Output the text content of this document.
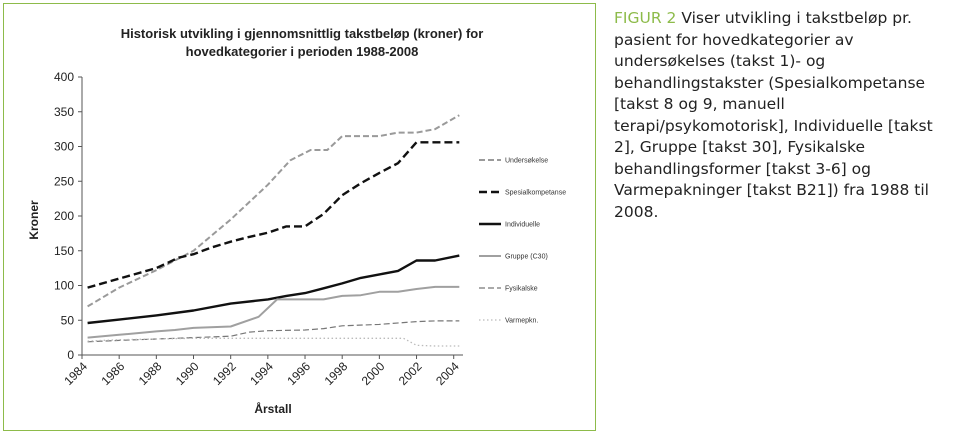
Historisk utvikling i gjennomsnittlig takstbeløp (kroner) for
hovedkategorier i perioden 1988-2008
0
50
100
150
200
250
300
350
400
1984 1986 1988 1990 1992 1994 1996 1998 2000 2002 2004
Årstall
Kroner
Undersøkelse
Spesialkompetanse
Individuelle
Gruppe (C30)
Fysikalske
Varmepkn.
FIGUR 2 Viser utvikling i takstbeløp pr. pasient for hovedkategorier av undersøkelses (takst 1)- og behandlingstakster (Spesialkompetanse [takst 8 og 9, manuell terapi/psykomotorisk], Individuelle [takst 2], Gruppe [takst 30], Fysikalske behandlingsformer [takst 3-6] og Varmepakninger [takst B21]) fra 1988 til 2008.
